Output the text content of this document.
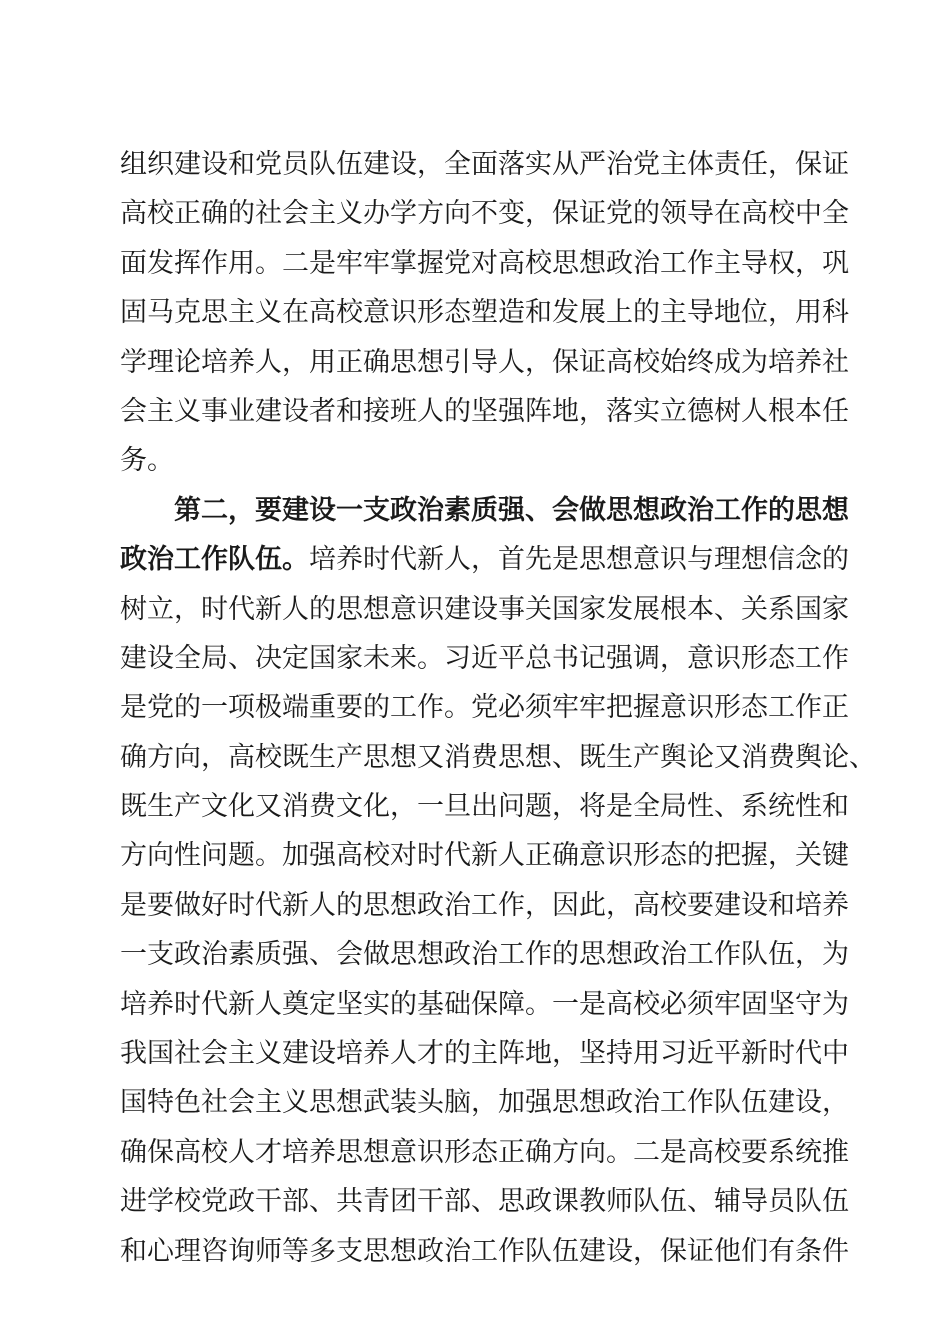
组织建设和党员队伍建设，全面落实从严治党主体责任，保证
高校正确的社会主义办学方向不变，保证党的领导在高校中全
面发挥作用。二是牢牢掌握党对高校思想政治工作主导权，巩
固马克思主义在高校意识形态塑造和发展上的主导地位，用科
学理论培养人，用正确思想引导人，保证高校始终成为培养社
会主义事业建设者和接班人的坚强阵地，落实立德树人根本任
务。
第二，要建设一支政治素质强、会做思想政治工作的思想
政治工作队伍。培养时代新人，首先是思想意识与理想信念的
树立，时代新人的思想意识建设事关国家发展根本、关系国家
建设全局、决定国家未来。习近平总书记强调，意识形态工作
是党的一项极端重要的工作。党必须牢牢把握意识形态工作正
确方向，高校既生产思想又消费思想、既生产舆论又消费舆论、
既生产文化又消费文化，一旦出问题，将是全局性、系统性和
方向性问题。加强高校对时代新人正确意识形态的把握，关键
是要做好时代新人的思想政治工作，因此，高校要建设和培养
一支政治素质强、会做思想政治工作的思想政治工作队伍，为
培养时代新人奠定坚实的基础保障。一是高校必须牢固坚守为
我国社会主义建设培养人才的主阵地，坚持用习近平新时代中
国特色社会主义思想武装头脑，加强思想政治工作队伍建设，
确保高校人才培养思想意识形态正确方向。二是高校要系统推
进学校党政干部、共青团干部、思政课教师队伍、辅导员队伍
和心理咨询师等多支思想政治工作队伍建设，保证他们有条件
